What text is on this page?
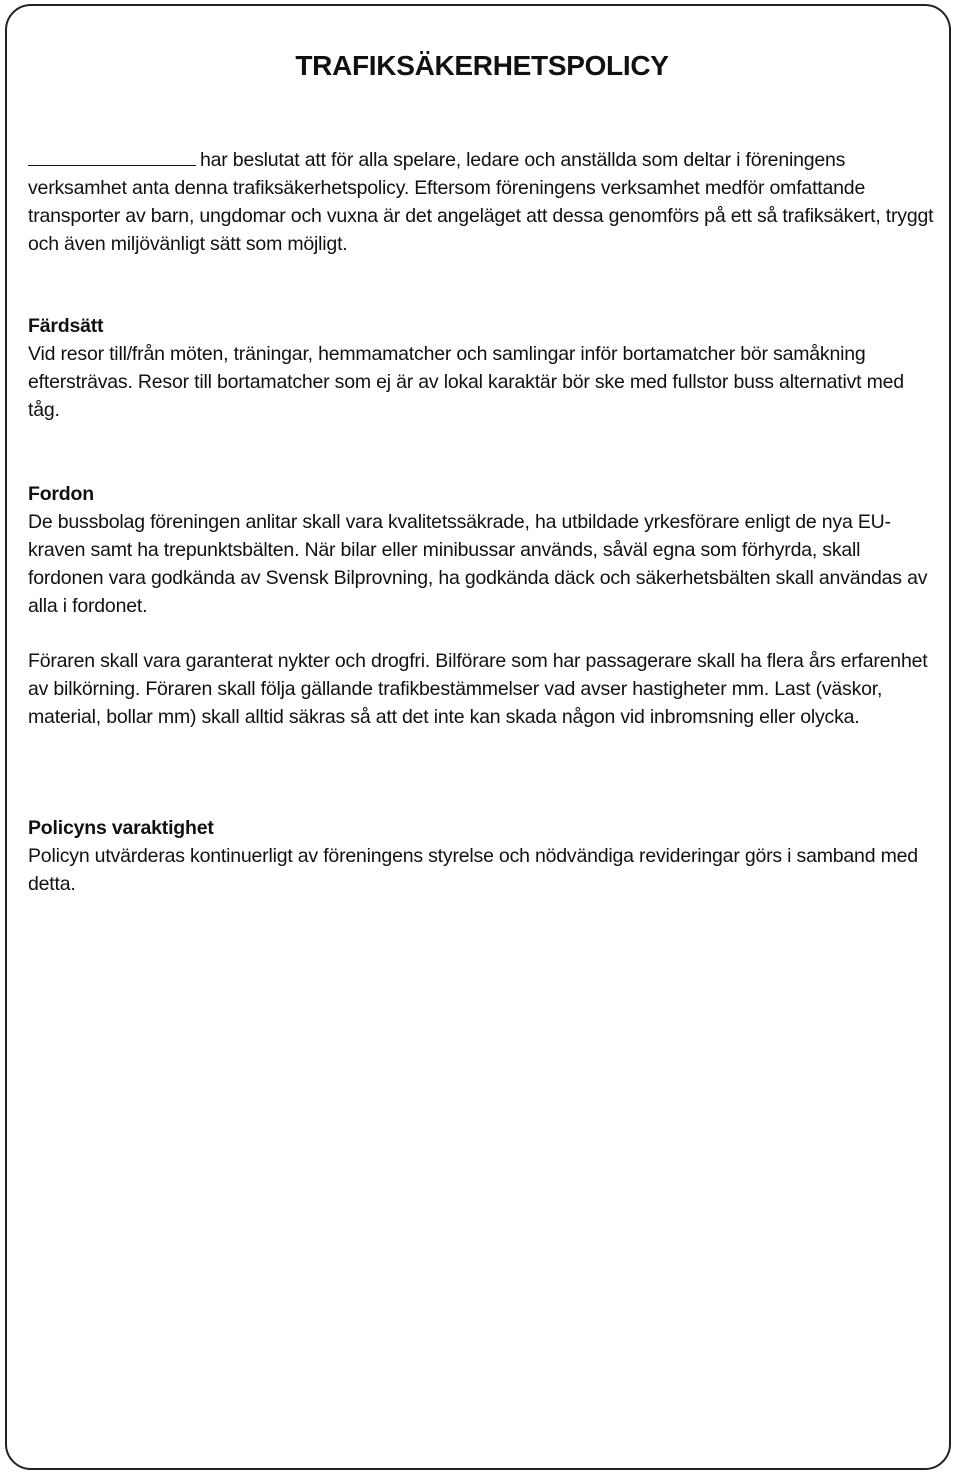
TRAFIKSÄKERHETSPOLICY

har beslutat att för alla spelare, ledare och anställda som deltar i föreningens verksamhet anta denna trafiksäkerhetspolicy. Eftersom föreningens verksamhet medför omfattande transporter av barn, ungdomar och vuxna är det angeläget att dessa genomförs på ett så trafiksäkert, tryggt och även miljövänligt sätt som möjligt.

Färdsätt
Vid resor till/från möten, träningar, hemmamatcher och samlingar inför bortamatcher bör samåkning eftersträvas. Resor till bortamatcher som ej är av lokal karaktär bör ske med fullstor buss alternativt med tåg.
Fordon
De bussbolag föreningen anlitar skall vara kvalitetssäkrade, ha utbildade yrkesförare enligt de nya EU-kraven samt ha trepunktsbälten. När bilar eller minibussar används, såväl egna som förhyrda, skall fordonen vara godkända av Svensk Bilprovning, ha godkända däck och säkerhetsbälten skall användas av alla i fordonet.

Föraren skall vara garanterat nykter och drogfri. Bilförare som har passagerare skall ha flera års erfarenhet av bilkörning. Föraren skall följa gällande trafikbestämmelser vad avser hastigheter mm. Last (väskor, material, bollar mm) skall alltid säkras så att det inte kan skada någon vid inbromsning eller olycka.

Policyns varaktighet
Policyn utvärderas kontinuerligt av föreningens styrelse och nödvändiga revideringar görs i samband med detta.
